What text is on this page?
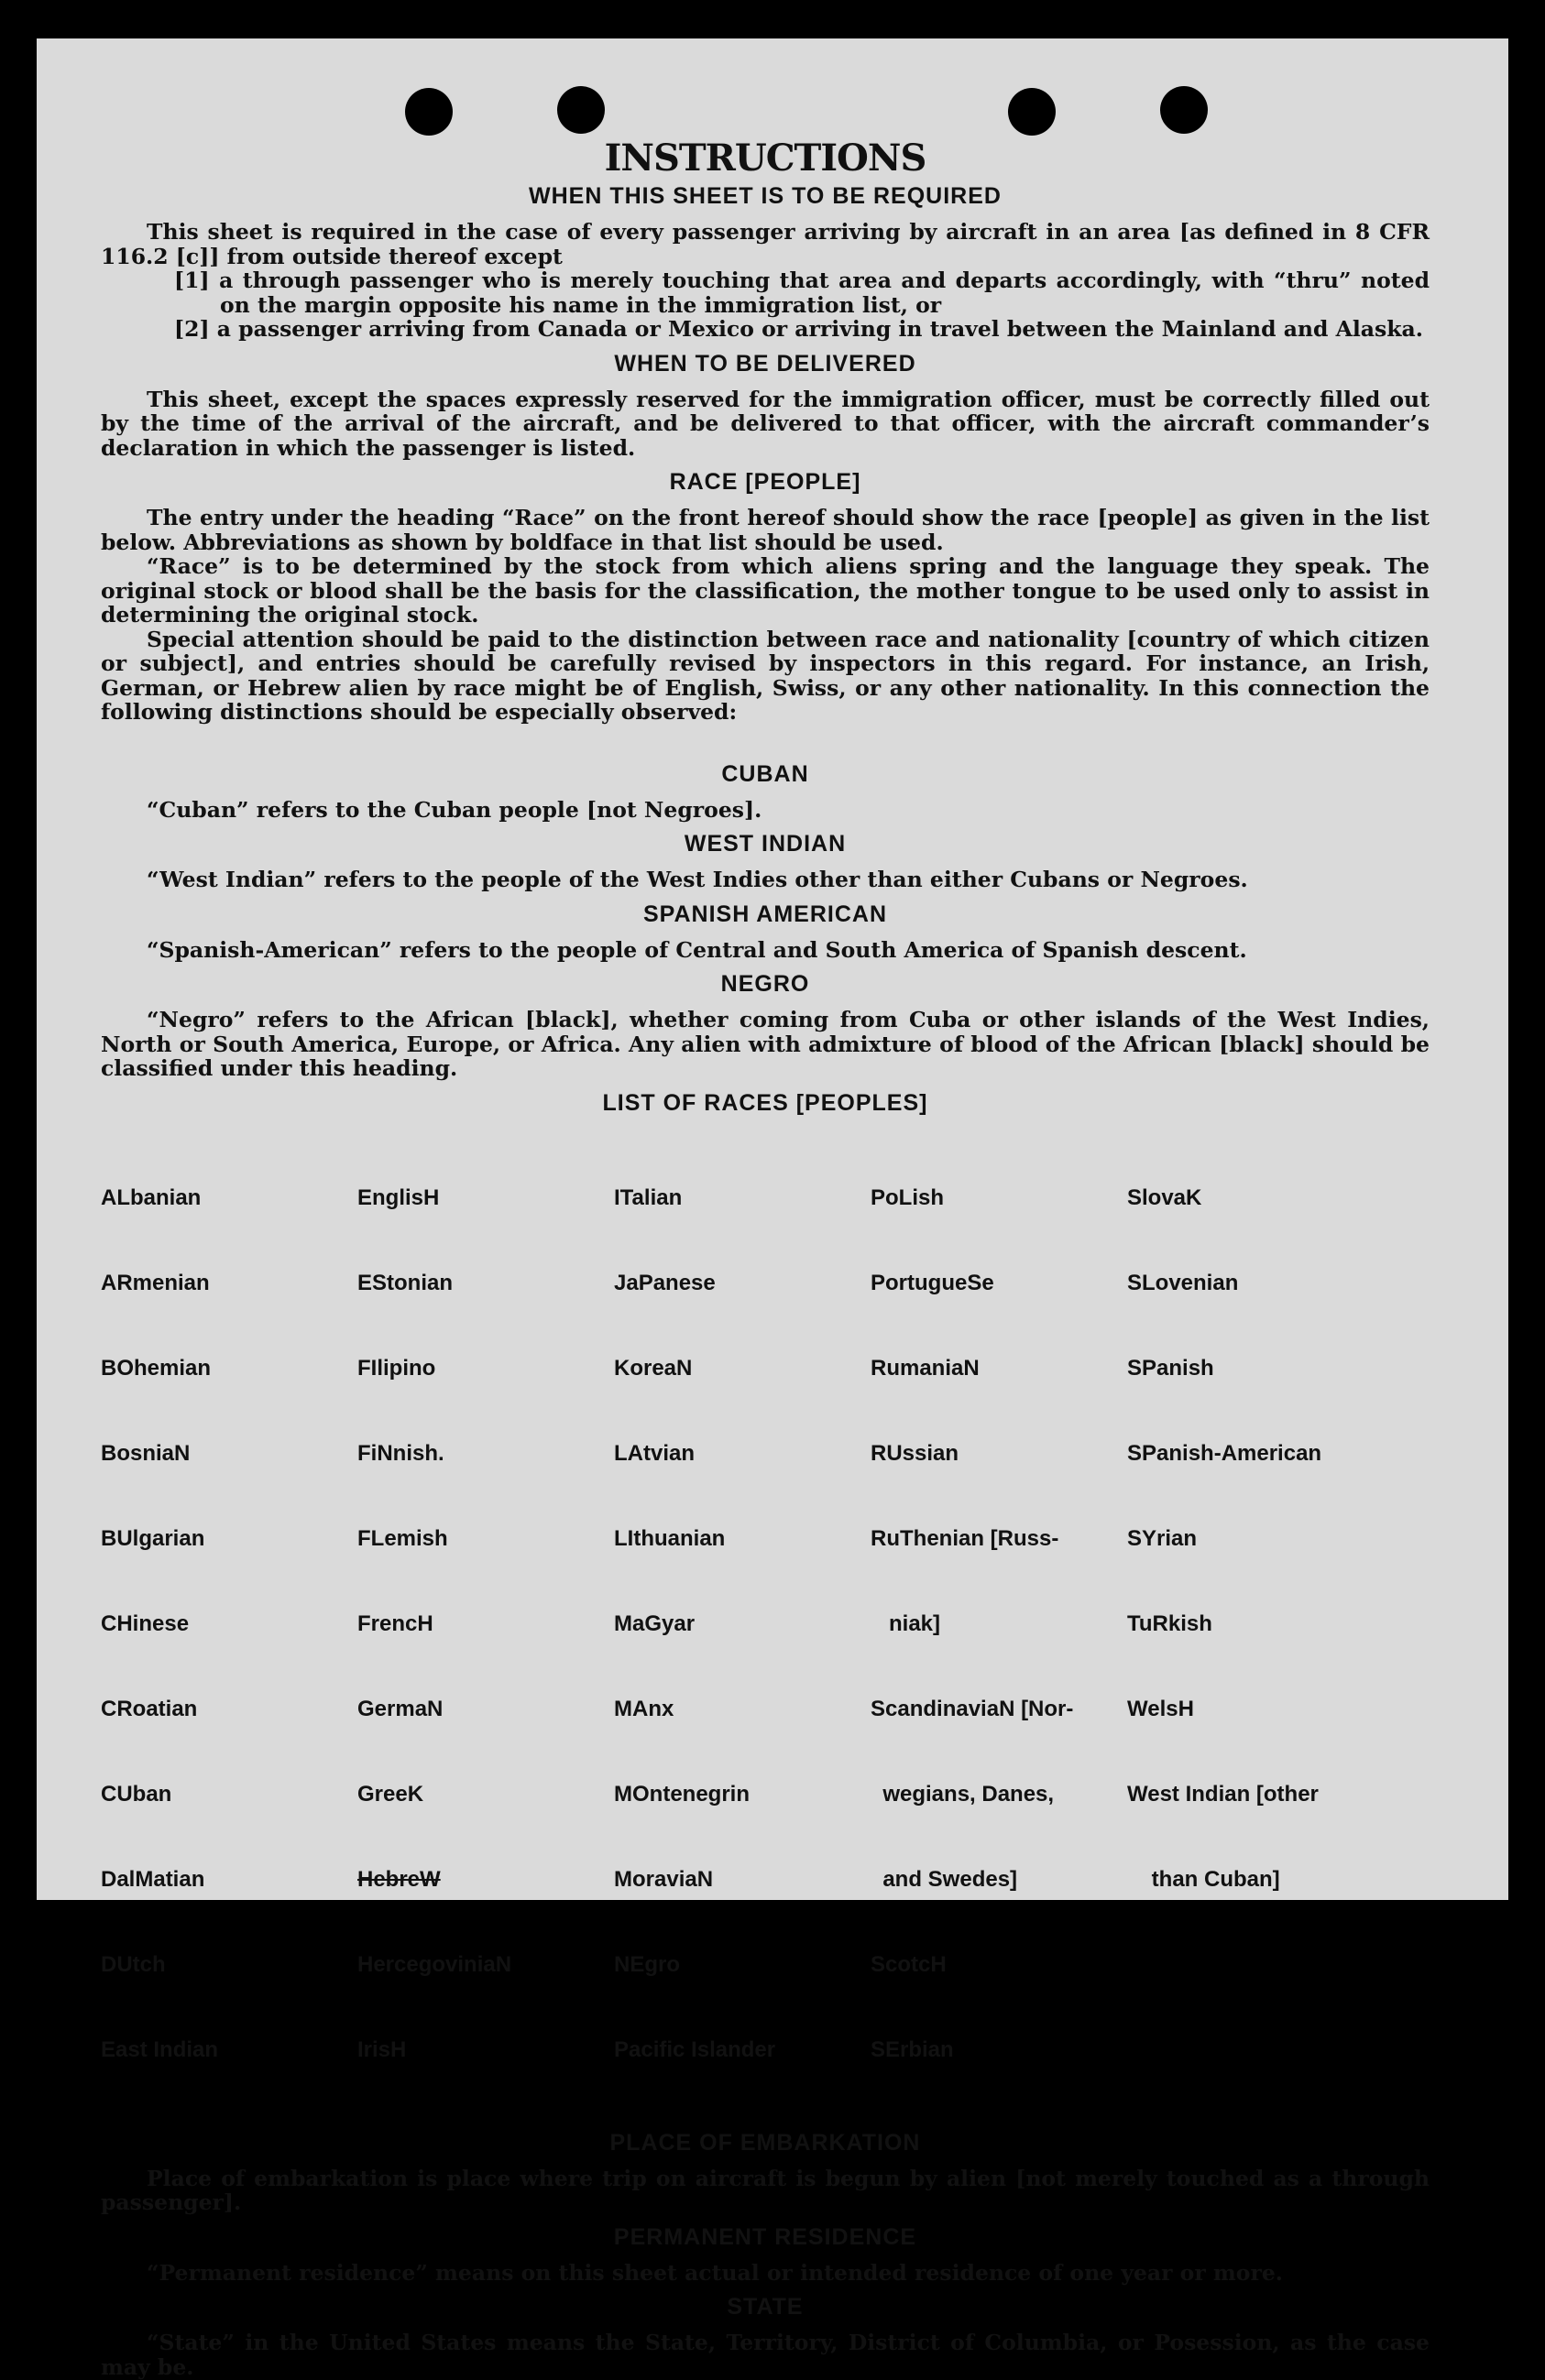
INSTRUCTIONS
WHEN THIS SHEET IS TO BE REQUIRED

This sheet is required in the case of every passenger arriving by aircraft in an area [as defined in 8 CFR 116.2 [c]] from outside thereof except

[1] a through passenger who is merely touching that area and departs accordingly, with “thru” noted on the margin opposite his name in the immigration list, or

[2] a passenger arriving from Canada or Mexico or arriving in travel between the Mainland and Alaska.

WHEN TO BE DELIVERED

This sheet, except the spaces expressly reserved for the immigration officer, must be correctly filled out by the time of the arrival of the aircraft, and be delivered to that officer, with the aircraft commander’s declaration in which the passenger is listed.

RACE [PEOPLE]

The entry under the heading “Race” on the front hereof should show the race [people] as given in the list below. Abbreviations as shown by boldface in that list should be used.

“Race” is to be determined by the stock from which aliens spring and the language they speak. The original stock or blood shall be the basis for the classification, the mother tongue to be used only to assist in determining the original stock.

Special attention should be paid to the distinction between race and nationality [country of which citizen or subject], and entries should be carefully revised by inspectors in this regard. For instance, an Irish, German, or Hebrew alien by race might be of English, Swiss, or any other nationality. In this connection the following distinctions should be especially observed:

CUBAN

“Cuban” refers to the Cuban people [not Negroes].

WEST INDIAN

“West Indian” refers to the people of the West Indies other than either Cubans or Negroes.

SPANISH AMERICAN

“Spanish-American” refers to the people of Central and South America of Spanish descent.

NEGRO

“Negro” refers to the African [black], whether coming from Cuba or other islands of the West Indies, North or South America, Europe, or Africa. Any alien with admixture of blood of the African [black] should be classified under this heading.

LIST OF RACES [PEOPLES]

ALbanian

ARmenian

BOhemian

BosniaN

BUlgarian

CHinese

CRoatian

CUban

DalMatian

DUtch

East Indian

EnglisH

EStonian

FIlipino

FiNnish.

FLemish

FrencH

GermaN

GreeK

HebreW

HercegoviniaN

IrisH

ITalian

JaPanese

KoreaN

LAtvian

LIthuanian

MaGyar

MAnx

MOntenegrin

MoraviaN

NEgro

Pacific Islander

PoLish

PortugueSe

RumaniaN

RUssian

RuThenian [Russ-

niak]

ScandinaviaN [Nor-

wegians, Danes,

and Swedes]

ScotcH

SErbian

SlovaK

SLovenian

SPanish

SPanish-American

SYrian

TuRkish

WelsH

West Indian [other

than Cuban]

PLACE OF EMBARKATION

Place of embarkation is place where trip on aircraft is begun by alien [not merely touched as a through passenger].

PERMANENT RESIDENCE

“Permanent residence” means on this sheet actual or intended residence of one year or more.

STATE

“State” in the United States means the State, Territory, District of Columbia, or Posession, as the case may be.
